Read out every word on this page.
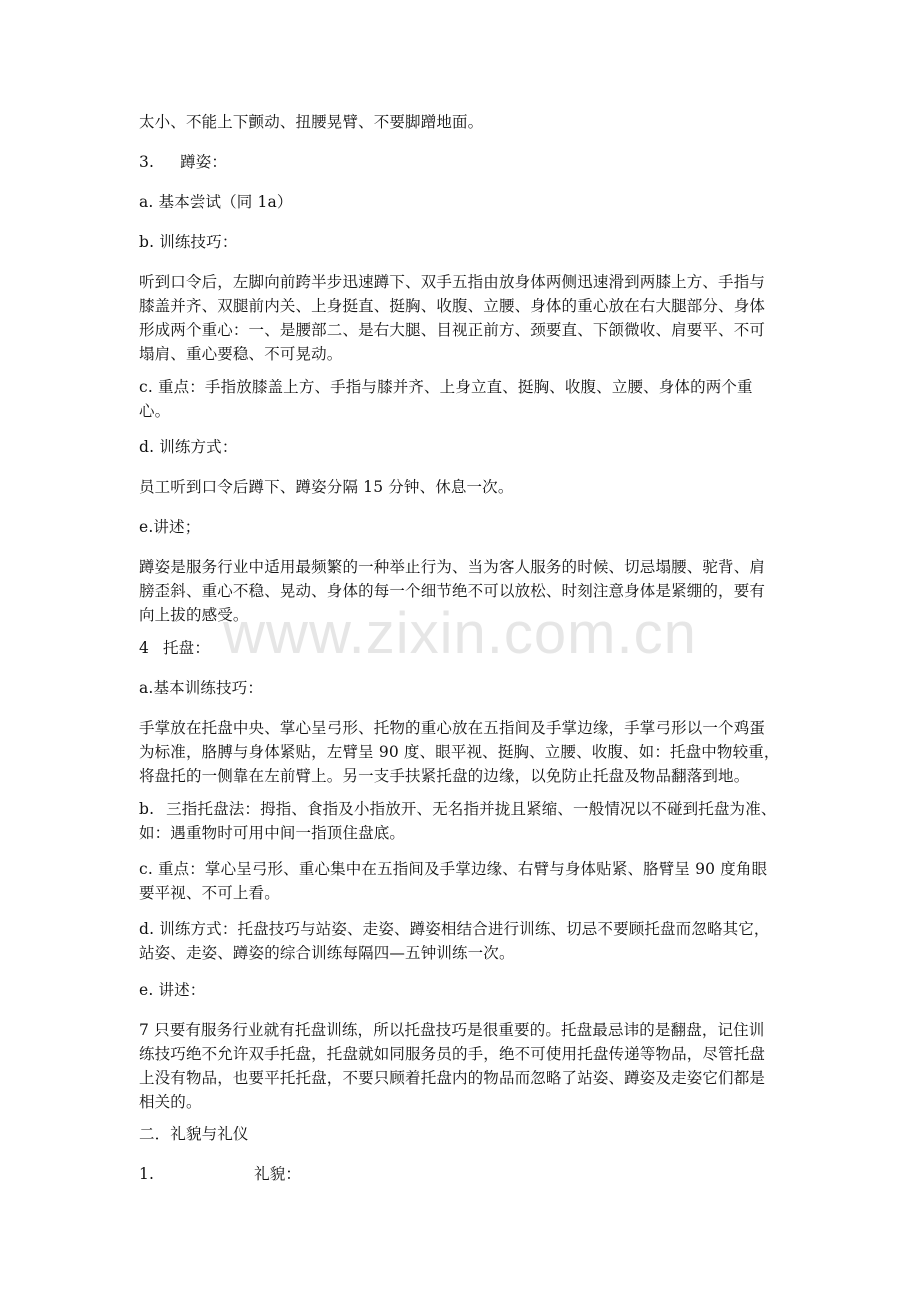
www.zixin.com.cn

太小、不能上下颤动、扭腰晃臂、不要脚蹭地面。

3. 蹲姿：

a. 基本尝试（同 1a）

b. 训练技巧：

听到口令后，左脚向前跨半步迅速蹲下、双手五指由放身体两侧迅速滑到两膝上方、手指与
膝盖并齐、双腿前内关、上身挺直、挺胸、收腹、立腰、身体的重心放在右大腿部分、身体
形成两个重心：一、是腰部二、是右大腿、目视正前方、颈要直、下颌微收、肩要平、不可
塌肩、重心要稳、不可晃动。

c. 重点：手指放膝盖上方、手指与膝并齐、上身立直、挺胸、收腹、立腰、身体的两个重
心。

d. 训练方式：

员工听到口令后蹲下、蹲姿分隔 15 分钟、休息一次。

e.讲述；

蹲姿是服务行业中适用最频繁的一种举止行为、当为客人服务的时候、切忌塌腰、驼背、肩
膀歪斜、重心不稳、晃动、身体的每一个细节绝不可以放松、时刻注意身体是紧绷的，要有
向上拔的感受。

4 托盘：

a.基本训练技巧：

手掌放在托盘中央、掌心呈弓形、托物的重心放在五指间及手掌边缘，手掌弓形以一个鸡蛋
为标准，胳膊与身体紧贴，左臂呈 90 度、眼平视、挺胸、立腰、收腹、如：托盘中物较重，
将盘托的一侧靠在左前臂上。另一支手扶紧托盘的边缘，以免防止托盘及物品翻落到地。

b. 三指托盘法：拇指、食指及小指放开、无名指并拢且紧缩、一般情况以不碰到托盘为准、
如：遇重物时可用中间一指顶住盘底。

c. 重点：掌心呈弓形、重心集中在五指间及手掌边缘、右臂与身体贴紧、胳臂呈 90 度角眼
要平视、不可上看。

d. 训练方式：托盘技巧与站姿、走姿、蹲姿相结合进行训练、切忌不要顾托盘而忽略其它，
站姿、走姿、蹲姿的综合训练每隔四—五钟训练一次。

e. 讲述：

7 只要有服务行业就有托盘训练，所以托盘技巧是很重要的。托盘最忌讳的是翻盘，记住训
练技巧绝不允许双手托盘，托盘就如同服务员的手，绝不可使用托盘传递等物品，尽管托盘
上没有物品，也要平托托盘，不要只顾着托盘内的物品而忽略了站姿、蹲姿及走姿它们都是
相关的。

二．礼貌与礼仪

1.	礼貌：
